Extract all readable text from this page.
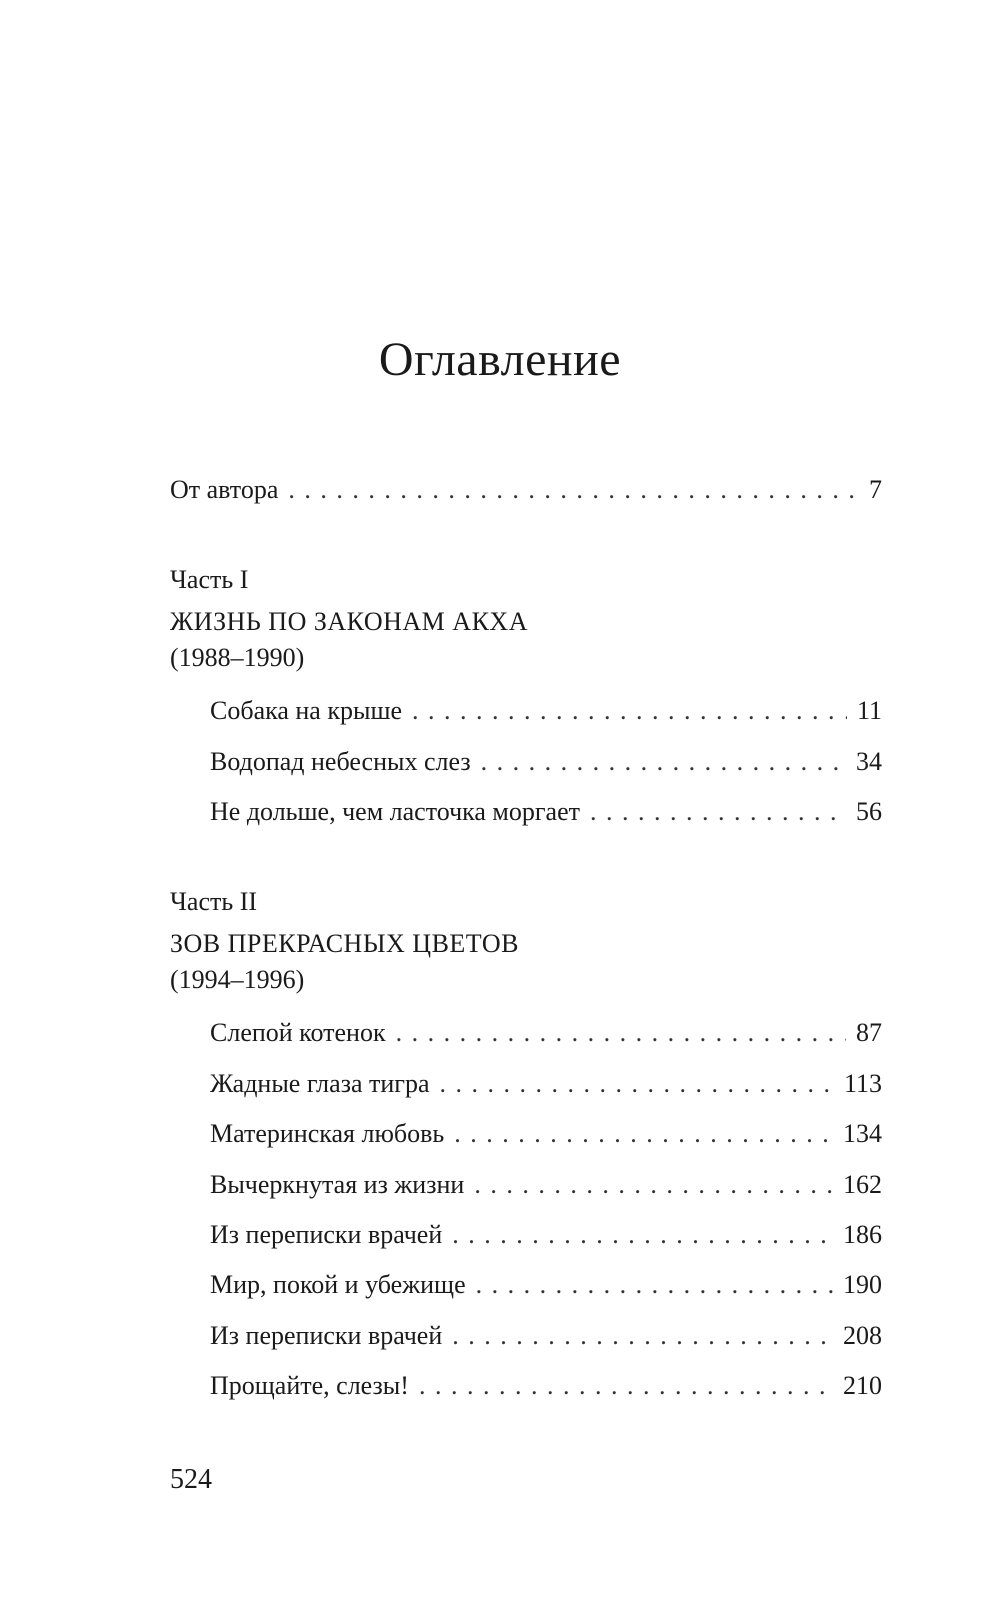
Оглавление
От автора . . .	7
Часть I
ЖИЗНЬ ПО ЗАКОНАМ АКХА
(1988–1990)
Собака на крыше . . .	11
Водопад небесных слез . . .	34
Не дольше, чем ласточка моргает . . .	56
Часть II
ЗОВ ПРЕКРАСНЫХ ЦВЕТОВ
(1994–1996)
Слепой котенок . . .	87
Жадные глаза тигра . . .	113
Материнская любовь . . .	134
Вычеркнутая из жизни . . .	162
Из переписки врачей . . .	186
Мир, покой и убежище . . .	190
Из переписки врачей . . .	208
Прощайте, слезы! . . .	210
524
